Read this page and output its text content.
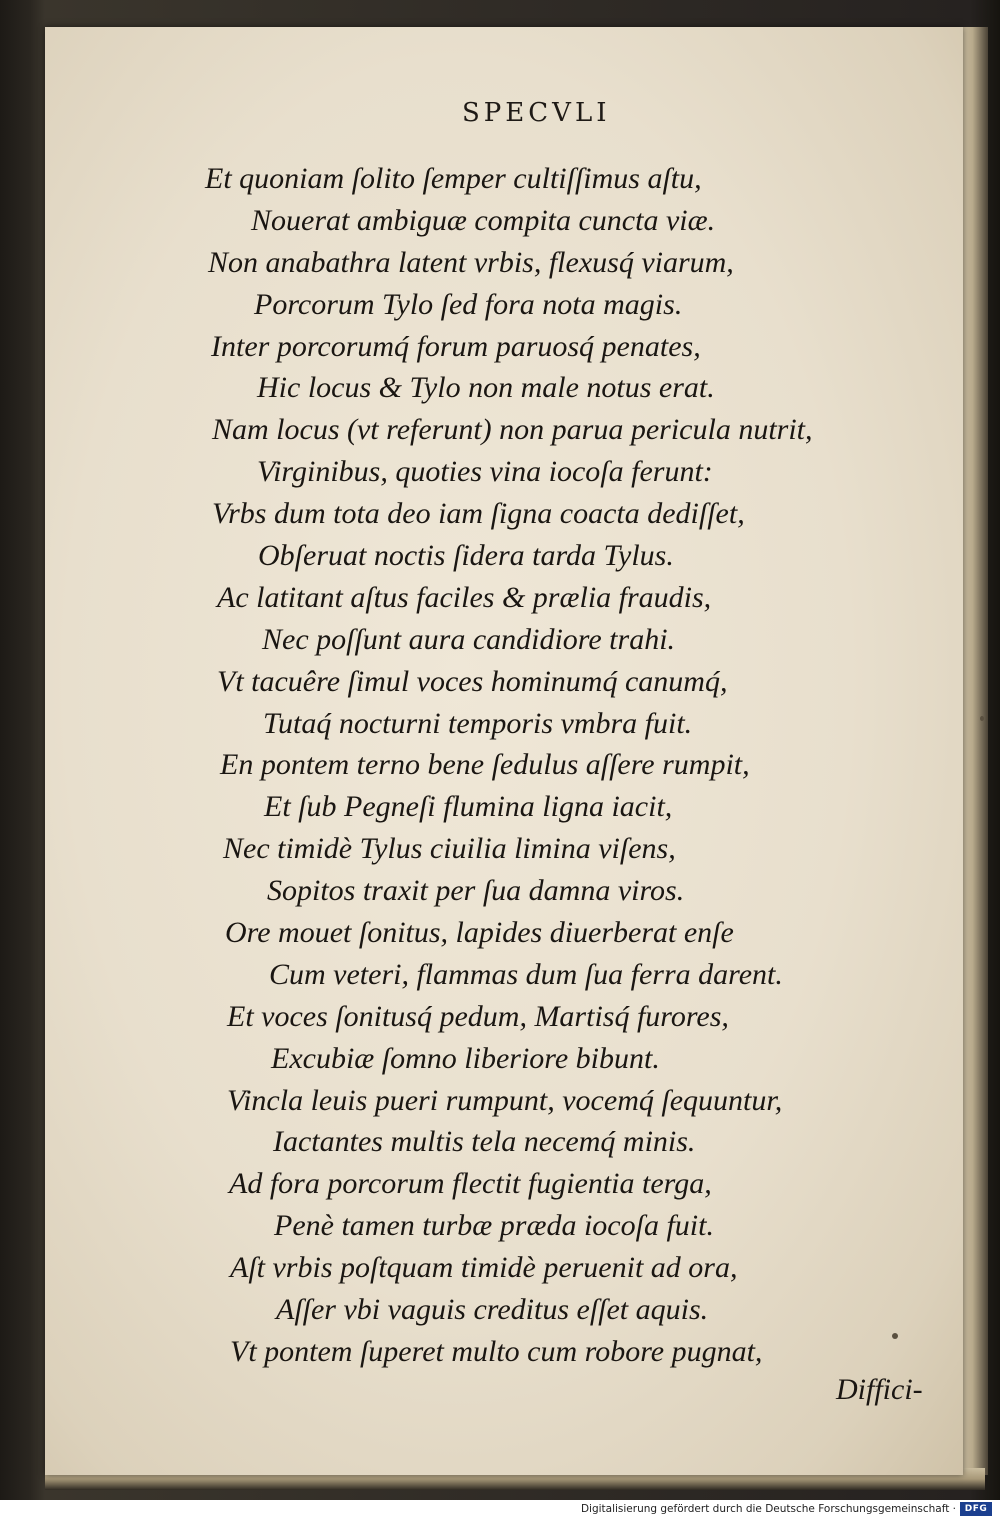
SPECVLI
Et quoniam ſolito ſemper cultiſſimus aſtu,
Nouerat ambiguæ compita cuncta viæ.
Non anabathra latent vrbis, flexusq́ viarum,
Porcorum Tylo ſed fora nota magis.
Inter porcorumq́ forum paruosq́ penates,
Hic locus & Tylo non male notus erat.
Nam locus (vt referunt) non parua pericula nutrit,
Virginibus, quoties vina iocoſa ferunt:
Vrbs dum tota deo iam ſigna coacta dediſſet,
Obſeruat noctis ſidera tarda Tylus.
Ac latitant aſtus faciles & prælia fraudis,
Nec poſſunt aura candidiore trahi.
Vt tacuêre ſimul voces hominumq́ canumq́,
Tutaq́ nocturni temporis vmbra fuit.
En pontem terno bene ſedulus aſſere rumpit,
Et ſub Pegneſi flumina ligna iacit,
Nec timidè Tylus ciuilia limina viſens,
Sopitos traxit per ſua damna viros.
Ore mouet ſonitus, lapides diuerberat enſe
Cum veteri, flammas dum ſua ferra darent.
Et voces ſonitusq́ pedum, Martisq́ furores,
Excubiæ ſomno liberiore bibunt.
Vincla leuis pueri rumpunt, vocemq́ ſequuntur,
Iactantes multis tela necemq́ minis.
Ad fora porcorum flectit fugientia terga,
Penè tamen turbæ præda iocoſa fuit.
Aſt vrbis poſtquam timidè peruenit ad ora,
Aſſer vbi vaguis creditus eſſet aquis.
Vt pontem ſuperet multo cum robore pugnat,
Diffici-
Digitalisierung gefördert durch die Deutsche Forschungsgemeinschaft · DFG
